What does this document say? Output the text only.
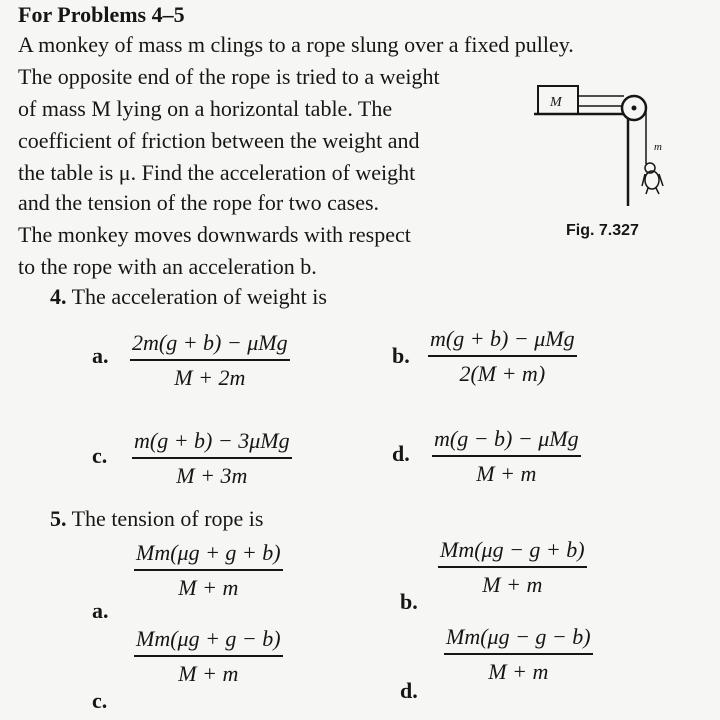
For Problems 4–5
A monkey of mass m clings to a rope slung over a fixed pulley.
The opposite end of the rope is tried to a weight
of mass M lying on a horizontal table. The
coefficient of friction between the weight and
the table is μ. Find the acceleration of weight
and the tension of the rope for two cases.
The monkey moves downwards with respect
to the rope with an acceleration b.
M
m
Fig. 7.327
4. The acceleration of weight is
a.
2m(g + b) − μMg
M + 2m
b.
m(g + b) − μMg
2(M + m)
c.
m(g + b) − 3μMg
M + 3m
d.
m(g − b) − μMg
M + m
5. The tension of rope is
$\frac{Mm(\mu g + g + b)}{M + m}$
a.
$\frac{Mm(\mu g - g + b)}{M + m}$
b.
$\frac{Mm(\mu g + g - b)}{M + m}$
c.
$\frac{Mm(\mu g - g - b)}{M + m}$
d.
